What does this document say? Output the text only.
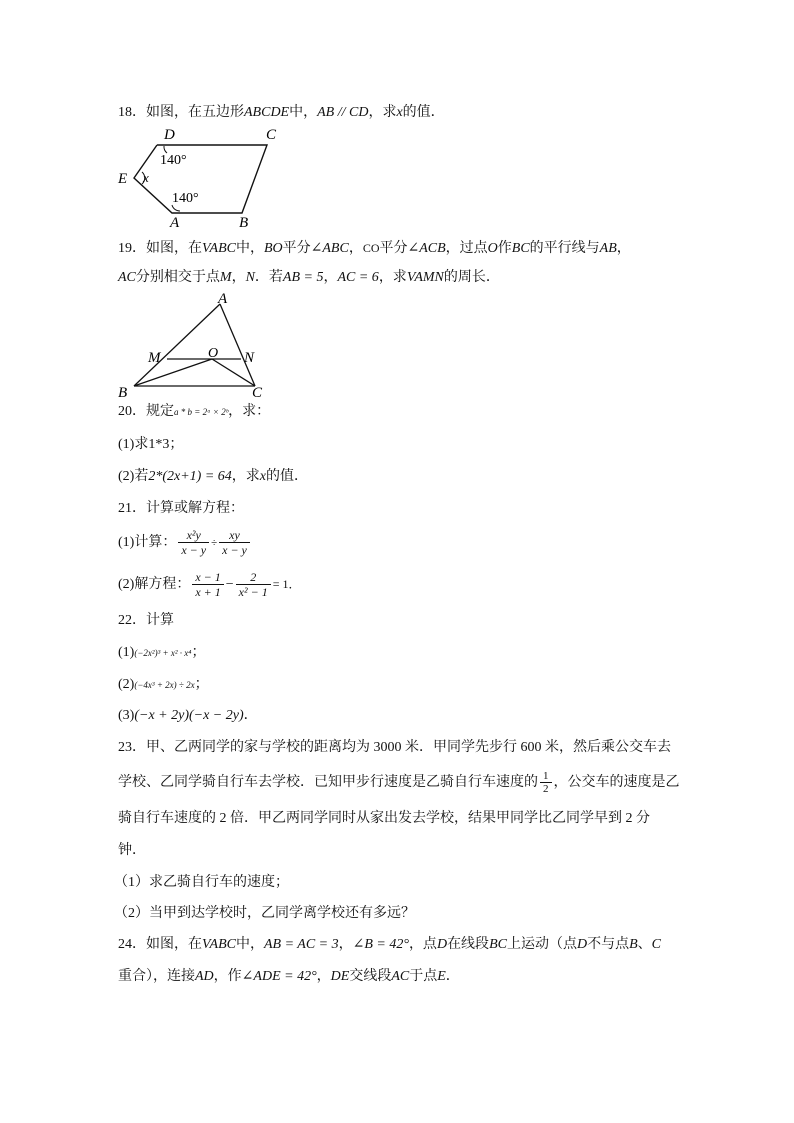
18．如图，在五边形ABCDE中，AB // CD，求x的值．
D	C
E x
140°
140°
A	B
19．如图，在VABC中，BO平分∠ABC，CO平分∠ACB，过点O作BC的平行线与AB，
AC分别相交于点M，N．若AB = 5，AC = 6，求VAMN的周长．
A
M	O N
B	C
20．规定a * b = 2ᵃ × 2ᵇ，求：
(1)求1*3；
(2)若2*(2x+1) = 64，求x的值．
21．计算或解方程：
(1)计算： $\frac{\text{x²y}}{x - y} \div \frac{xy}{x - y}$
(2)解方程： $\frac{x - 1}{x + 1} - \frac{2}{\text{x² − 1}} = 1$．
22．计算
(1)(−2x²)³ + x² · x⁴；
(2)(−4x³ + 2x) ÷ 2x；
(3)(−x + 2y)(−x − 2y)．
23．甲、乙两同学的家与学校的距离均为 3000 米．甲同学先步行 600 米，然后乘公交车去
学校、乙同学骑自行车去学校．已知甲步行速度是乙骑自行车速度的 $\frac{1}{2}$ ，公交车的速度是乙
骑自行车速度的 2 倍．甲乙两同学同时从家出发去学校，结果甲同学比乙同学早到 2 分
钟．
（1）求乙骑自行车的速度；
（2）当甲到达学校时，乙同学离学校还有多远？
24．如图，在VABC中，AB = AC = 3，∠B = 42°，点D在线段BC上运动（点D不与点B、C
重合），连接AD，作∠ADE = 42°，DE交线段AC于点E．
